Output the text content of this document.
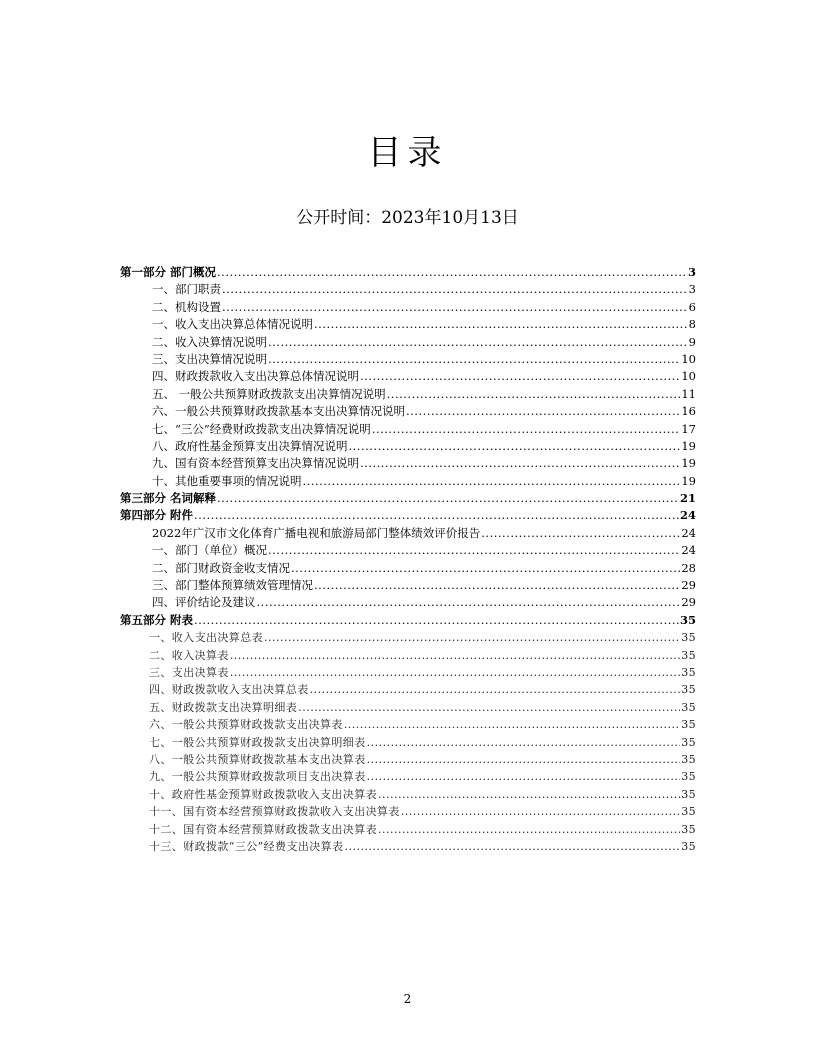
目录
公开时间：2023年10月13日
第一部分 部门概况 .....	3
一、部门职责 .....	3
二、机构设置 .....	6
一、收入支出决算总体情况说明 .....	8
二、收入决算情况说明 .....	9
三、支出决算情况说明 .....	10
四、财政拨款收入支出决算总体情况说明 .....	10
五、 一般公共预算财政拨款支出决算情况说明 .....	11
六、一般公共预算财政拨款基本支出决算情况说明 .....	16
七、“三公”经费财政拨款支出决算情况说明 .....	17
八、政府性基金预算支出决算情况说明 .....	19
九、国有资本经营预算支出决算情况说明 .....	19
十、其他重要事项的情况说明 .....	19
第三部分 名词解释 .....	21
第四部分 附件 .....	24
2022年广汉市文化体育广播电视和旅游局部门整体绩效评价报告 .....	24
一、部门（单位）概况 .....	24
二、部门财政资金收支情况 .....	28
三、部门整体预算绩效管理情况 .....	29
四、评价结论及建议 .....	29
第五部分 附表 .....	35
一、收入支出决算总表 .....	35
二、收入决算表 .....	35
三、支出决算表 .....	35
四、财政拨款收入支出决算总表 .....	35
五、财政拨款支出决算明细表 .....	35
六、一般公共预算财政拨款支出决算表 .....	35
七、一般公共预算财政拨款支出决算明细表 .....	35
八、一般公共预算财政拨款基本支出决算表 .....	35
九、一般公共预算财政拨款项目支出决算表 .....	35
十、政府性基金预算财政拨款收入支出决算表 .....	35
十一、国有资本经营预算财政拨款收入支出决算表 .....	35
十二、国有资本经营预算财政拨款支出决算表 .....	35
十三、财政拨款“三公”经费支出决算表 .....	35
2
